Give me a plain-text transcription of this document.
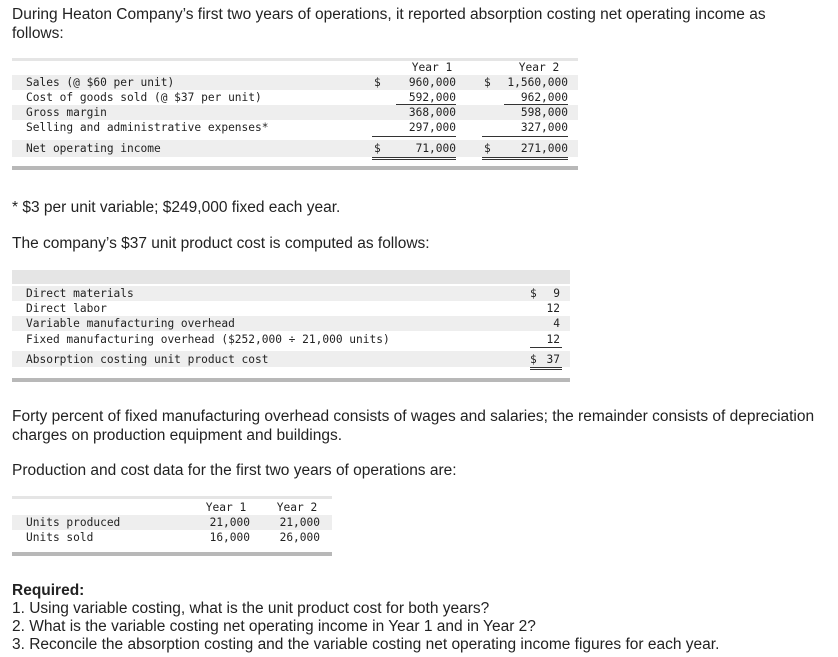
During Heaton Company’s first two years of operations, it reported absorption costing net operating income as follows:

Year 1	Year 2
Sales (@ $60 per unit)	$	960,000	$	1,560,000
Cost of goods sold (@ $37 per unit)	592,000	962,000
Gross margin	368,000	598,000
Selling and administrative expenses*	297,000	327,000
Net operating income	$	71,000	$	271,000

* $3 per unit variable; $249,000 fixed each year.

The company’s $37 unit product cost is computed as follows:

Direct materials	$	9
Direct labor	12
Variable manufacturing overhead	4
Fixed manufacturing overhead ($252,000 ÷ 21,000 units)	12
Absorption costing unit product cost	$ 37

Forty percent of fixed manufacturing overhead consists of wages and salaries; the remainder consists of depreciation charges on production equipment and buildings.

Production and cost data for the first two years of operations are:

Year 1	Year 2
Units produced	21,000	21,000
Units sold	16,000	26,000

Required:

1. Using variable costing, what is the unit product cost for both years?

2. What is the variable costing net operating income in Year 1 and in Year 2?

3. Reconcile the absorption costing and the variable costing net operating income figures for each year.
